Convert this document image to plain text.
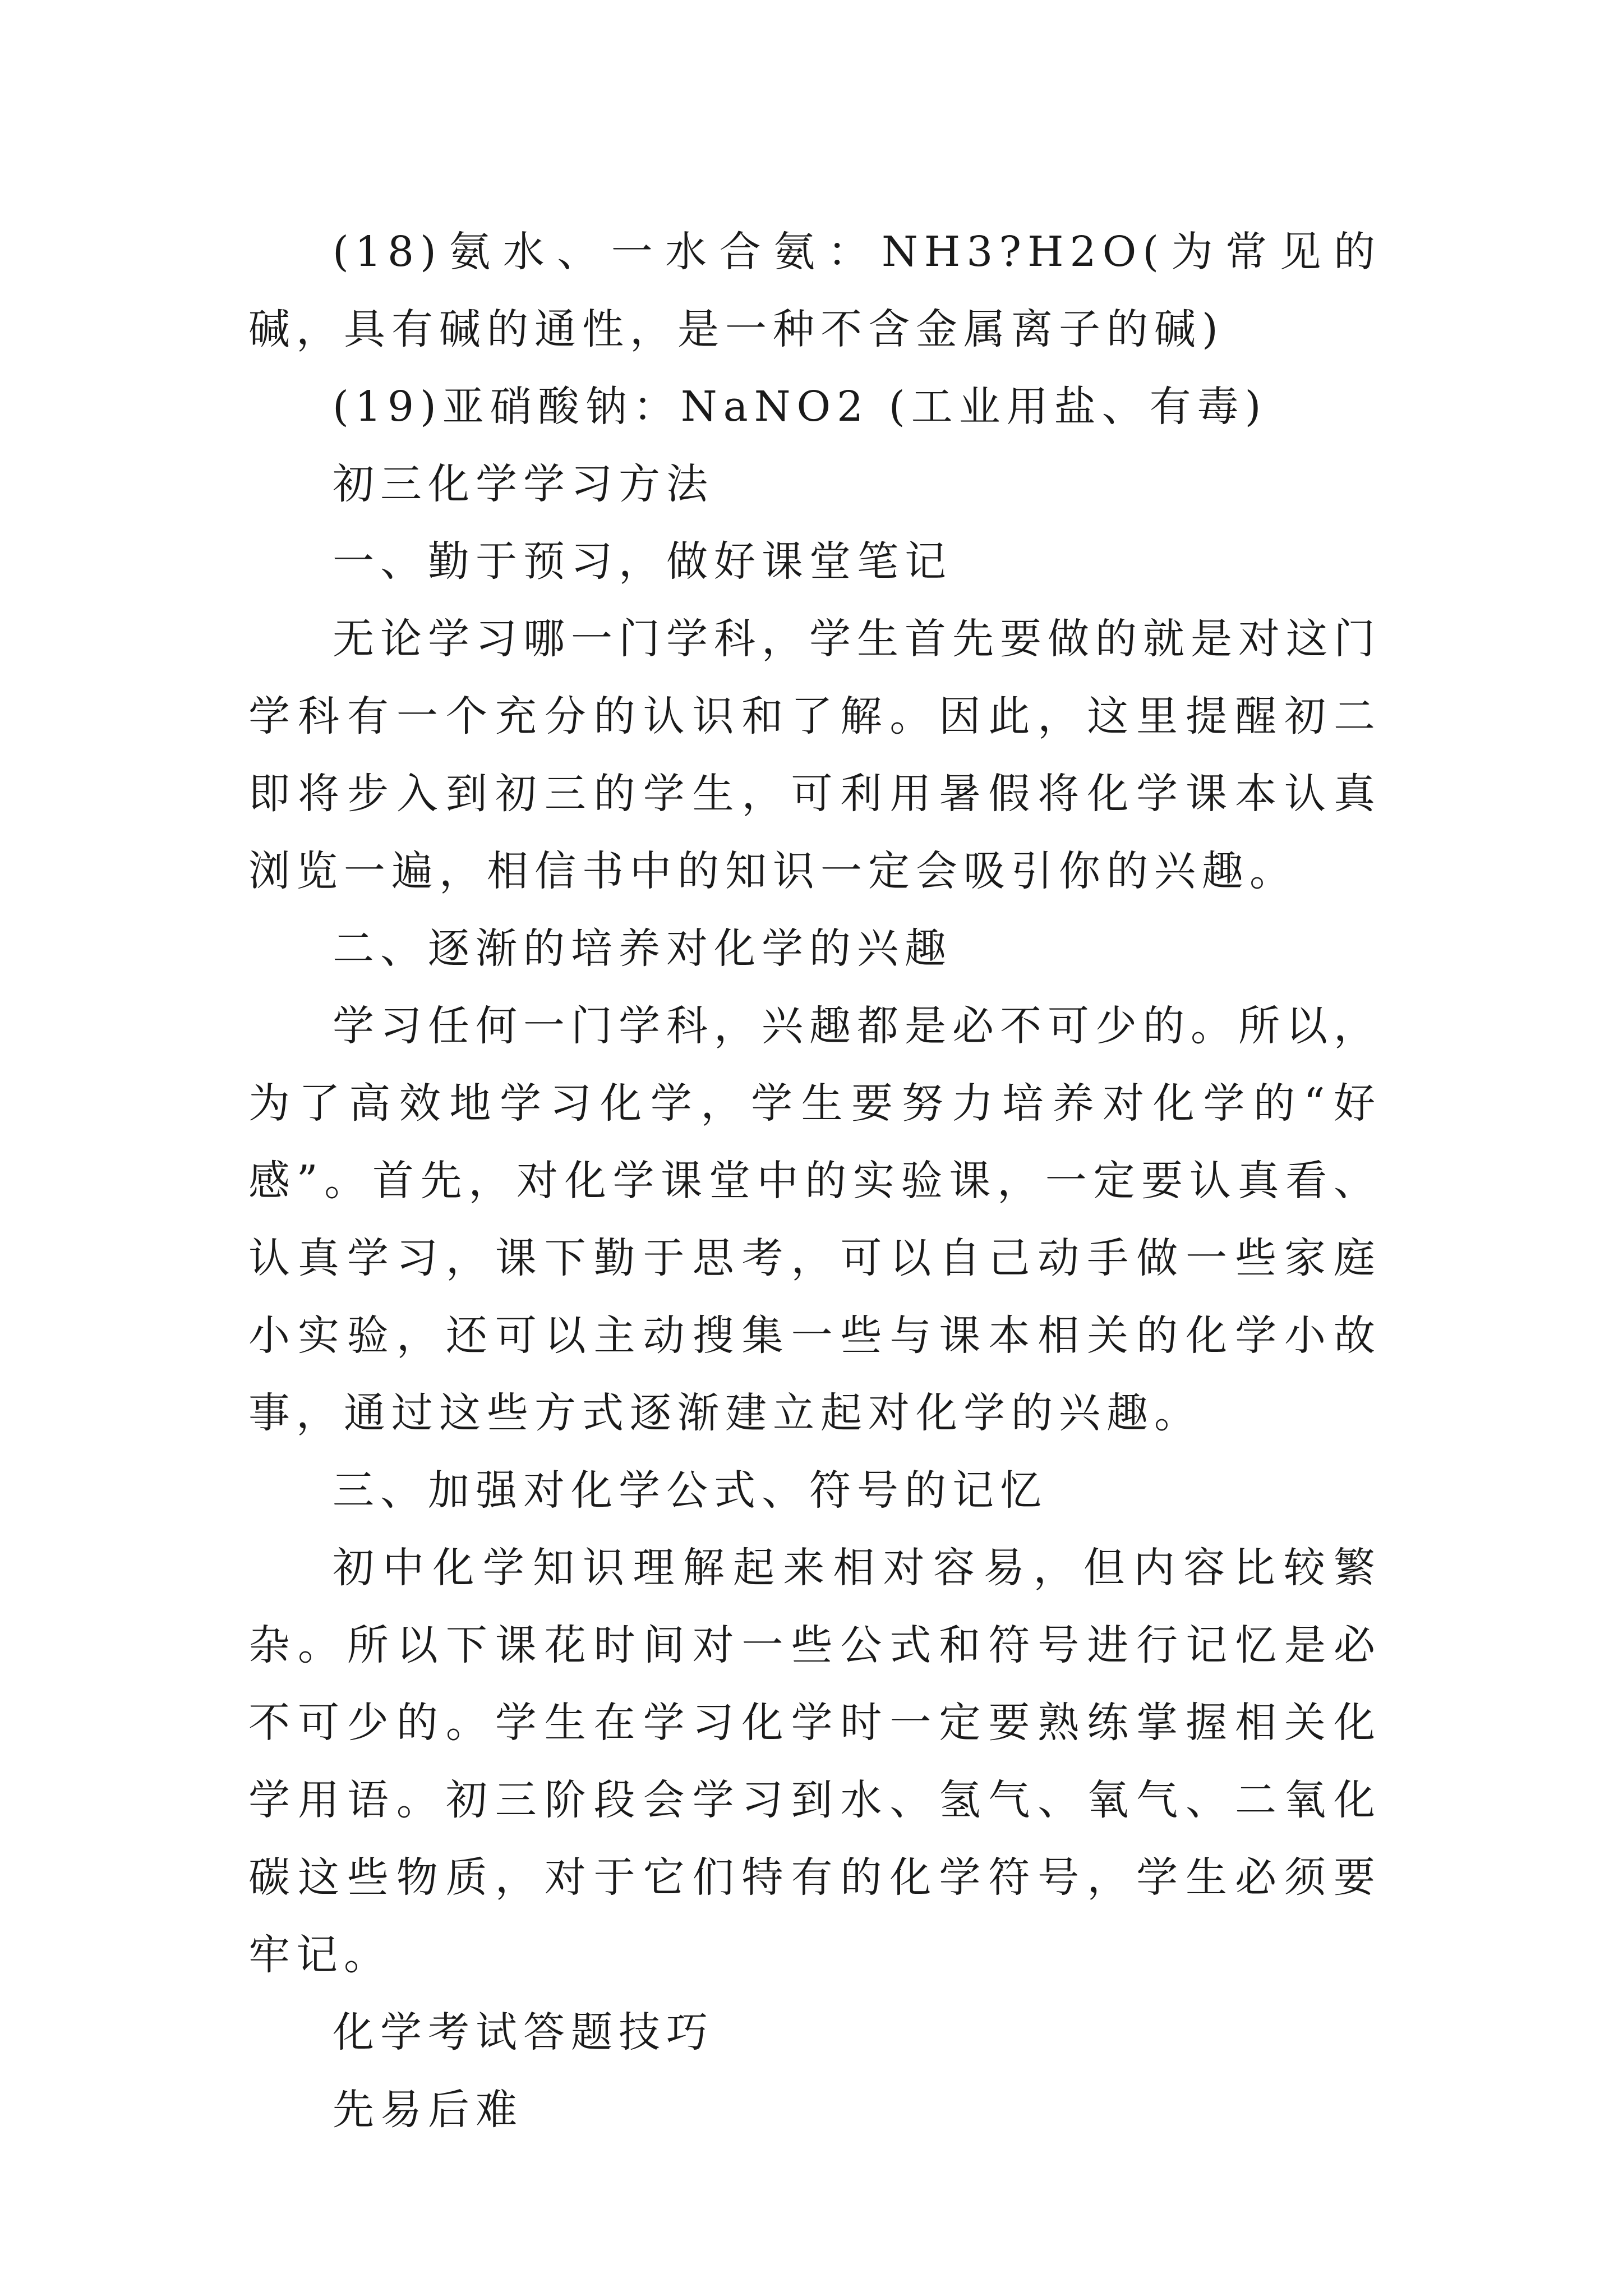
(18)氨水、一水合氨：NH3?H2O(为常见的碱，具有碱的通性，是一种不含金属离子的碱)

(19)亚硝酸钠：NaNO2 (工业用盐、有毒)

初三化学学习方法

一、勤于预习，做好课堂笔记

无论学习哪一门学科，学生首先要做的就是对这门学科有一个充分的认识和了解。因此，这里提醒初二即将步入到初三的学生，可利用暑假将化学课本认真浏览一遍，相信书中的知识一定会吸引你的兴趣。

二、逐渐的培养对化学的兴趣

学习任何一门学科，兴趣都是必不可少的。所以，为了高效地学习化学，学生要努力培养对化学的“好感”。首先，对化学课堂中的实验课，一定要认真看、认真学习，课下勤于思考，可以自己动手做一些家庭小实验，还可以主动搜集一些与课本相关的化学小故事，通过这些方式逐渐建立起对化学的兴趣。

三、加强对化学公式、符号的记忆

初中化学知识理解起来相对容易，但内容比较繁杂。所以下课花时间对一些公式和符号进行记忆是必不可少的。学生在学习化学时一定要熟练掌握相关化学用语。初三阶段会学习到水、氢气、氧气、二氧化碳这些物质，对于它们特有的化学符号，学生必须要牢记。

化学考试答题技巧

先易后难
